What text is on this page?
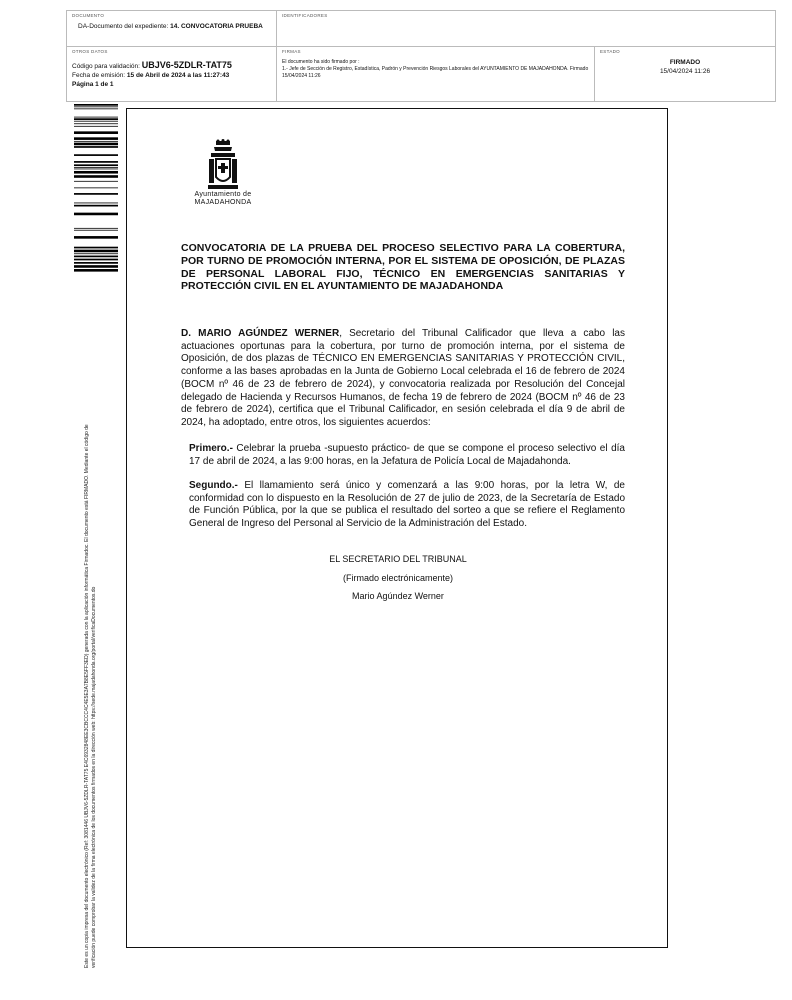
DOCUMENTO
DA-Documento del expediente: 14. CONVOCATORIA PRUEBA
IDENTIFICADORES
OTROS DATOS
Código para validación: UBJV6-5ZDLR-TAT75
Fecha de emisión: 15 de Abril de 2024 a las 11:27:43
Página 1 de 1
FIRMAS
El documento ha sido firmado por :
1.- Jefe de Sección de Registro, Estadística, Padrón y Prevención Riesgos Laborales del AYUNTAMIENTO DE MAJADAHONDA. Firmado 15/04/2024 11:26
ESTADO
FIRMADO
15/04/2024 11:26
Este es un copia impresa del documento electrónico (Ref: 3081446 UBJV6-5ZDLR-TAT75 E4C6932848EE3CBCCC4C4E5E3A7B8E5FF3ED) generada con la aplicación informática Firmadoc. El documento está FIRMADO. Mediante el código de verificación puede comprobar la validez de la firma electrónica de los documentos firmados en la dirección web: https://sede.majadahonda.org/portal/verificaDocumentos.do
Ayuntamiento de
MAJADAHONDA
CONVOCATORIA DE LA PRUEBA DEL PROCESO SELECTIVO PARA LA COBERTURA, POR TURNO DE PROMOCIÓN INTERNA, POR EL SISTEMA DE OPOSICIÓN, DE PLAZAS DE PERSONAL LABORAL FIJO, TÉCNICO EN EMERGENCIAS SANITARIAS Y PROTECCIÓN CIVIL EN EL AYUNTAMIENTO DE MAJADAHONDA
D. MARIO AGÚNDEZ WERNER, Secretario del Tribunal Calificador que lleva a cabo las actuaciones oportunas para la cobertura, por turno de promoción interna, por el sistema de Oposición, de dos plazas de TÉCNICO EN EMERGENCIAS SANITARIAS Y PROTECCIÓN CIVIL, conforme a las bases aprobadas en la Junta de Gobierno Local celebrada el 16 de febrero de 2024 (BOCM nº 46 de 23 de febrero de 2024), y convocatoria realizada por Resolución del Concejal delegado de Hacienda y Recursos Humanos, de fecha 19 de febrero de 2024 (BOCM nº 46 de 23 de febrero de 2024), certifica que el Tribunal Calificador, en sesión celebrada el día 9 de abril de 2024, ha adoptado, entre otros, los siguientes acuerdos:
Primero.- Celebrar la prueba -supuesto práctico- de que se compone el proceso selectivo el día 17 de abril de 2024, a las 9:00 horas, en la Jefatura de Policía Local de Majadahonda.
Segundo.- El llamamiento será único y comenzará a las 9:00 horas, por la letra W, de conformidad con lo dispuesto en la Resolución de 27 de julio de 2023, de la Secretaría de Estado de Función Pública, por la que se publica el resultado del sorteo a que se refiere el Reglamento General de Ingreso del Personal al Servicio de la Administración del Estado.
EL SECRETARIO DEL TRIBUNAL
(Firmado electrónicamente)
Mario Agúndez Werner
